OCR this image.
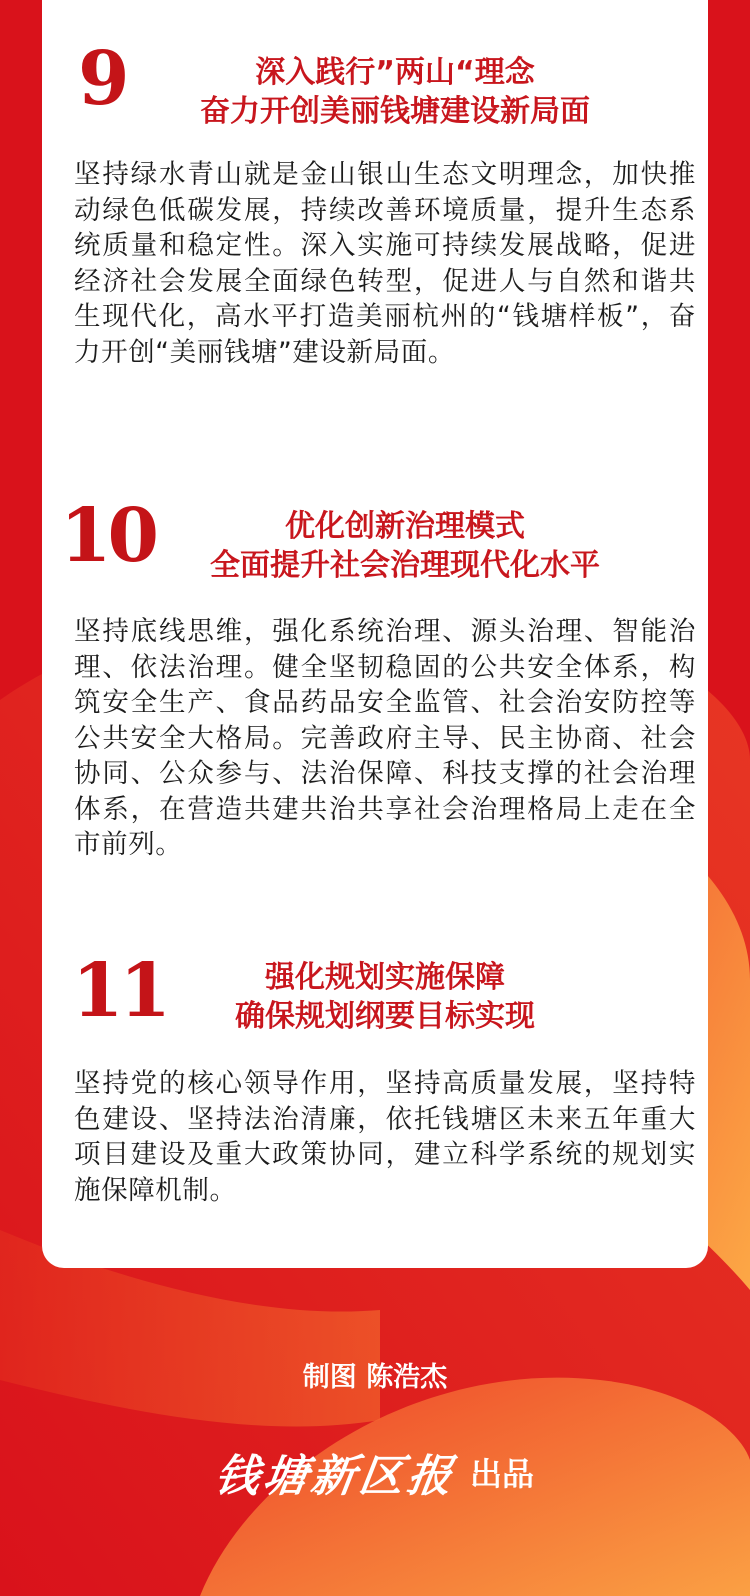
9	深入践行”两山“理念
奋力开创美丽钱塘建设新局面
坚持绿水青山就是金山银山生态文明理念，加快推动绿色低碳发展，持续改善环境质量，提升生态系统质量和稳定性。深入实施可持续发展战略，促进经济社会发展全面绿色转型，促进人与自然和谐共生现代化，高水平打造美丽杭州的“钱塘样板”，奋力开创“美丽钱塘”建设新局面。
10	优化创新治理模式
全面提升社会治理现代化水平
坚持底线思维，强化系统治理、源头治理、智能治理、依法治理。健全坚韧稳固的公共安全体系，构筑安全生产、食品药品安全监管、社会治安防控等公共安全大格局。完善政府主导、民主协商、社会协同、公众参与、法治保障、科技支撑的社会治理体系，在营造共建共治共享社会治理格局上走在全市前列。
11	强化规划实施保障
确保规划纲要目标实现
坚持党的核心领导作用，坚持高质量发展，坚持特色建设、坚持法治清廉，依托钱塘区未来五年重大项目建设及重大政策协同，建立科学系统的规划实施保障机制。
制图 陈浩杰
钱塘新区报 出品
